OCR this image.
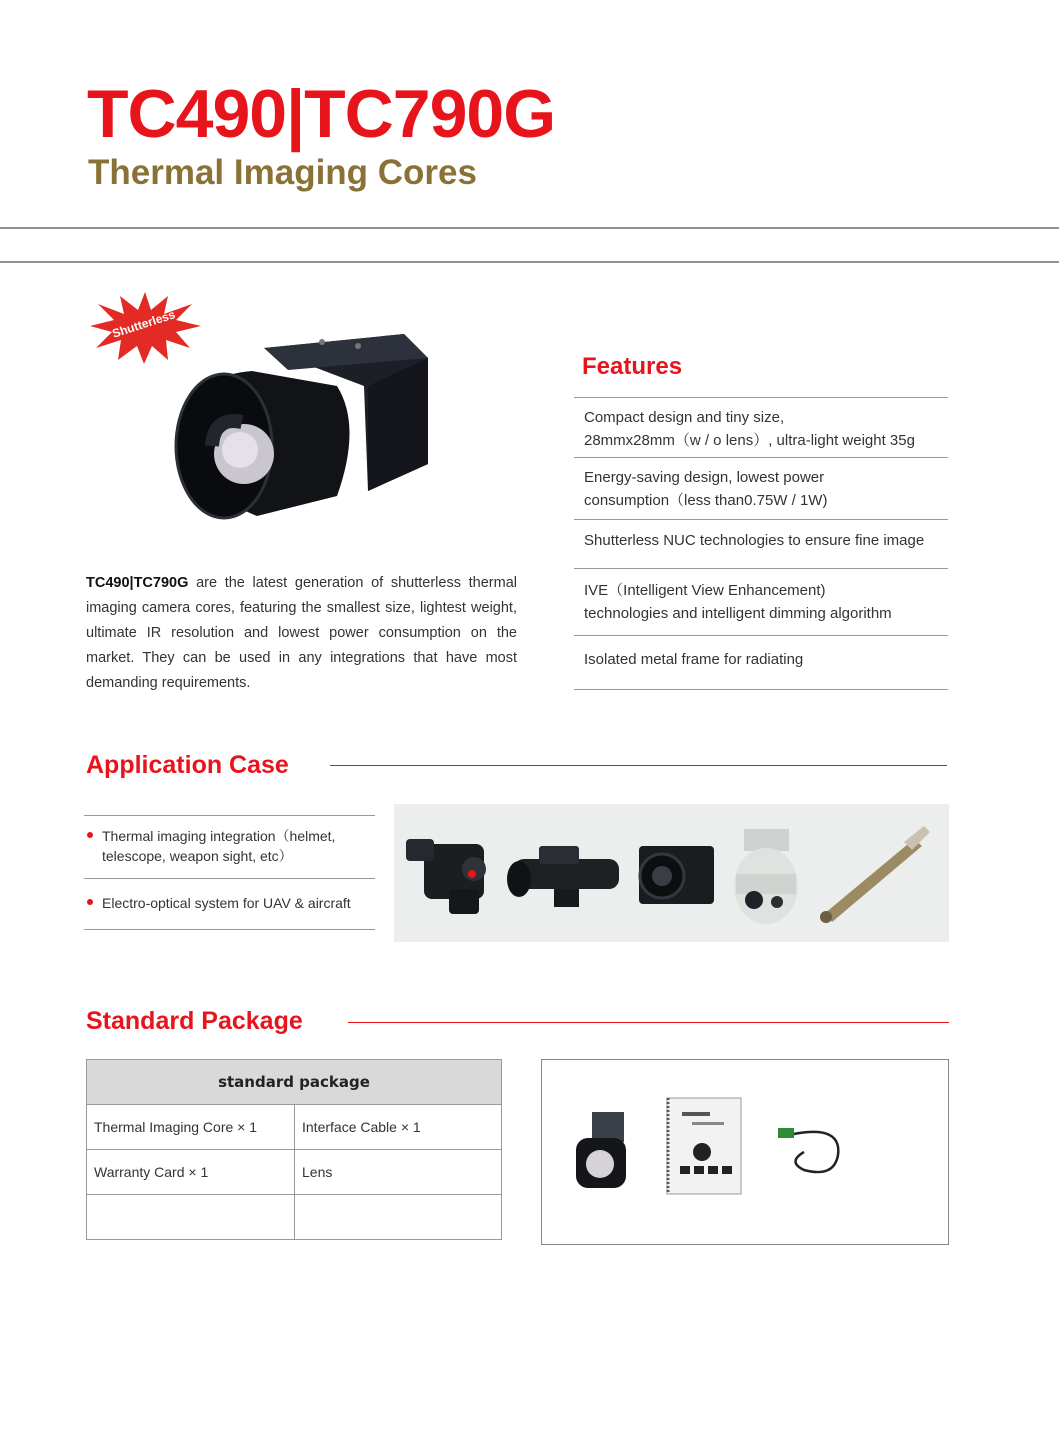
TC490|TC790G
Thermal Imaging Cores
Shutterless
Features
Compact design and tiny size,
28mmx28mm（w / o lens）, ultra-light weight 35g
Energy-saving design, lowest power
consumption（less than0.75W / 1W)
Shutterless NUC technologies to ensure fine image
IVE（Intelligent View Enhancement)
technologies and intelligent dimming algorithm
Isolated metal frame for radiating
TC490|TC790G are the latest generation of shutterless thermal imaging camera cores, featuring the smallest size, lightest weight, ultimate IR resolution and lowest power consumption on the market. They can be used in any integrations that have most demanding requirements.
Application Case
Thermal imaging integration（helmet,
telescope, weapon sight, etc）
Electro-optical system for UAV & aircraft
Standard Package
standard package	
Thermal Imaging Core × 1	Interface Cable × 1
Warranty Card × 1	Lens
